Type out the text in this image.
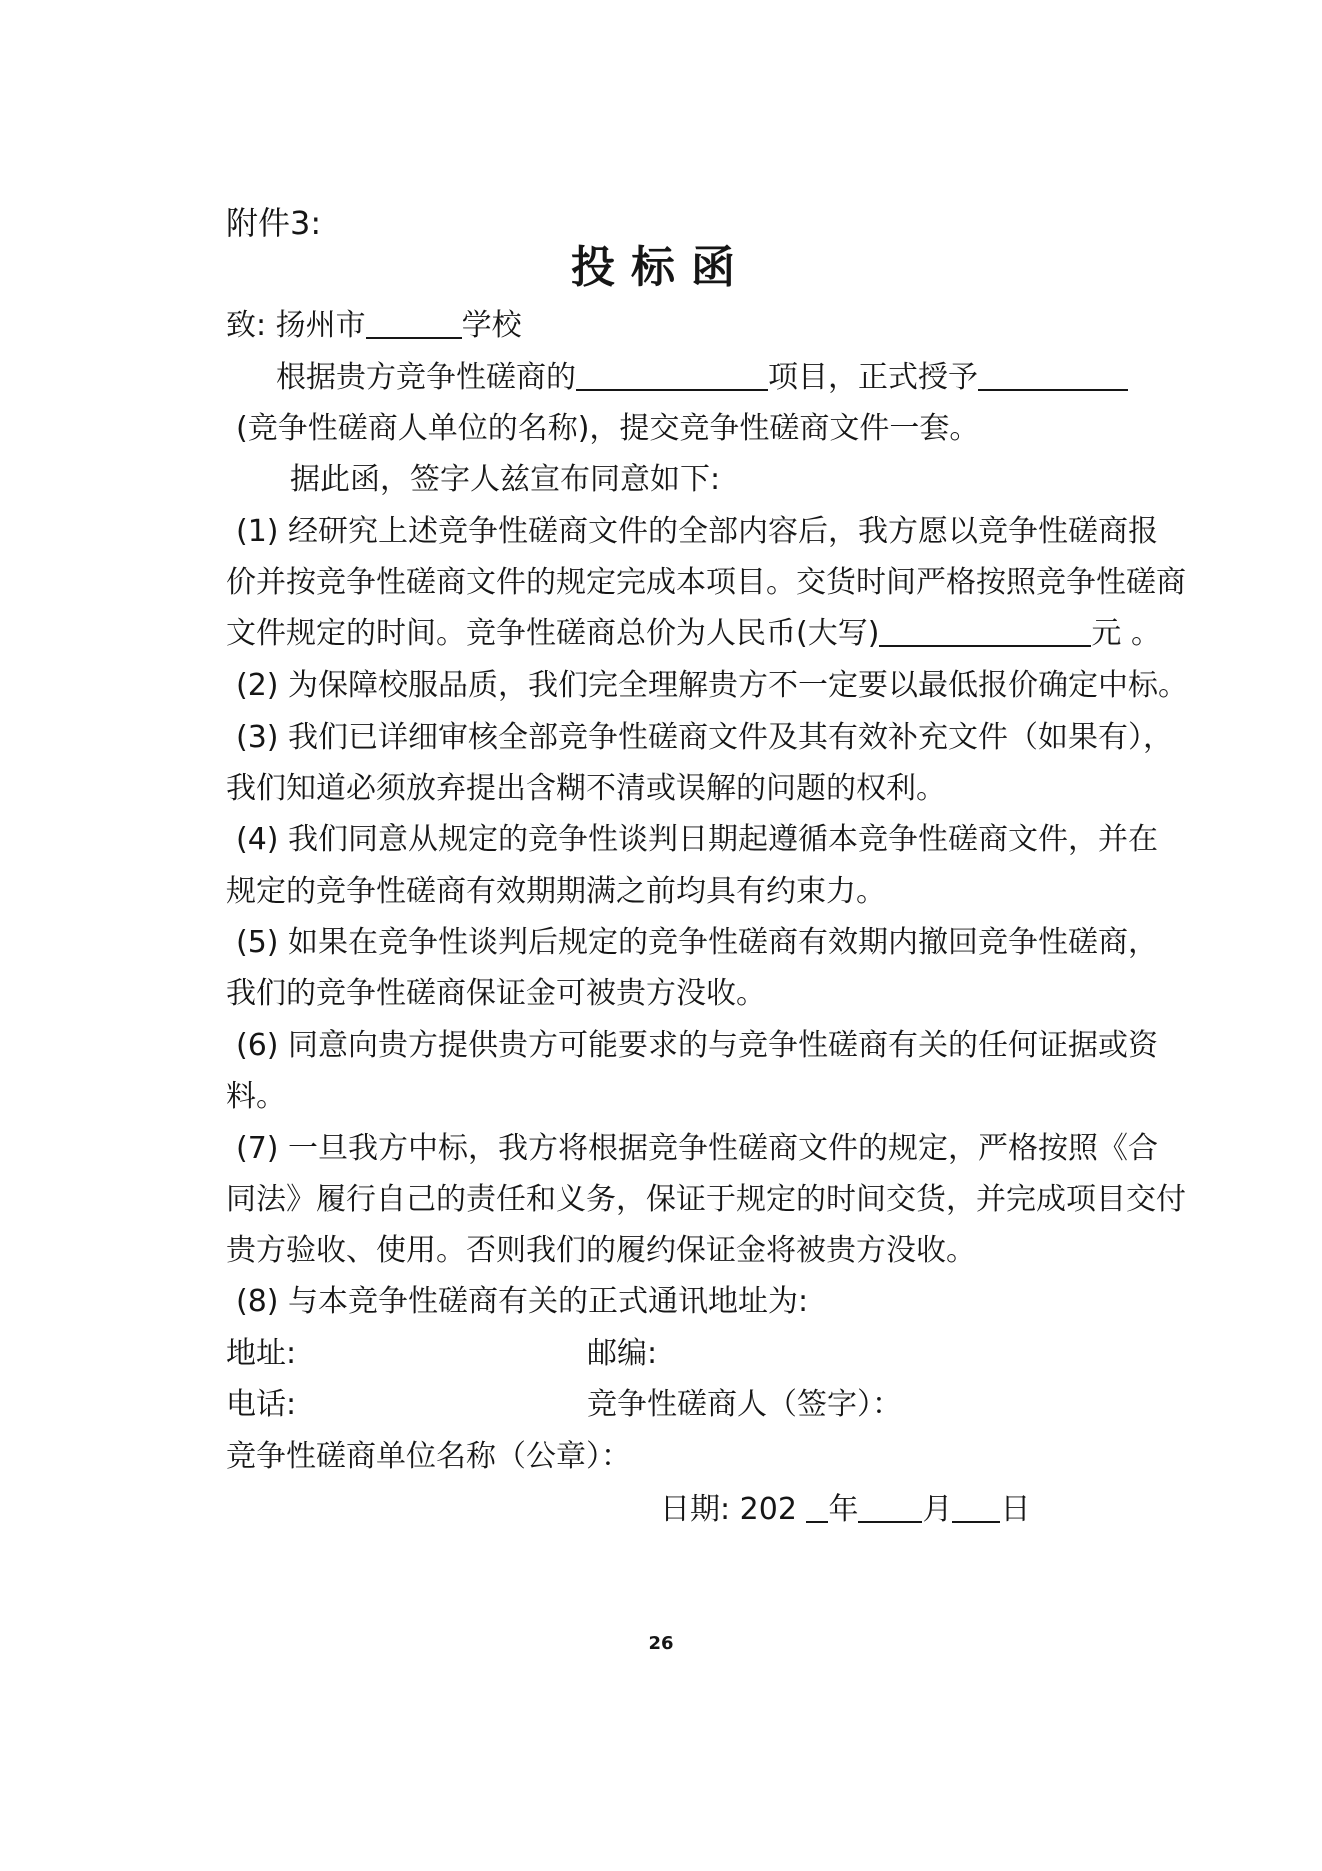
附件3:
投标函
致: 扬州市	学校
根据贵方竞争性磋商的	项目，正式授予
(竞争性磋商人单位的名称)，提交竞争性磋商文件一套。
据此函，签字人兹宣布同意如下:
(1) 经研究上述竞争性磋商文件的全部内容后，我方愿以竞争性磋商报
价并按竞争性磋商文件的规定完成本项目。交货时间严格按照竞争性磋商
文件规定的时间。竞争性磋商总价为人民币(大写)	元 。
(2) 为保障校服品质，我们完全理解贵方不一定要以最低报价确定中标。
(3) 我们已详细审核全部竞争性磋商文件及其有效补充文件（如果有），
我们知道必须放弃提出含糊不清或误解的问题的权利。
(4) 我们同意从规定的竞争性谈判日期起遵循本竞争性磋商文件，并在
规定的竞争性磋商有效期期满之前均具有约束力。
(5) 如果在竞争性谈判后规定的竞争性磋商有效期内撤回竞争性磋商，
我们的竞争性磋商保证金可被贵方没收。
(6) 同意向贵方提供贵方可能要求的与竞争性磋商有关的任何证据或资
料。
(7) 一旦我方中标，我方将根据竞争性磋商文件的规定，严格按照《合
同法》履行自己的责任和义务，保证于规定的时间交货，并完成项目交付
贵方验收、使用。否则我们的履约保证金将被贵方没收。
(8) 与本竞争性磋商有关的正式通讯地址为:
地址:	邮编:
电话:	竞争性磋商人（签字）：
竞争性磋商单位名称（公章）：
日期: 202 年 月 日
26
